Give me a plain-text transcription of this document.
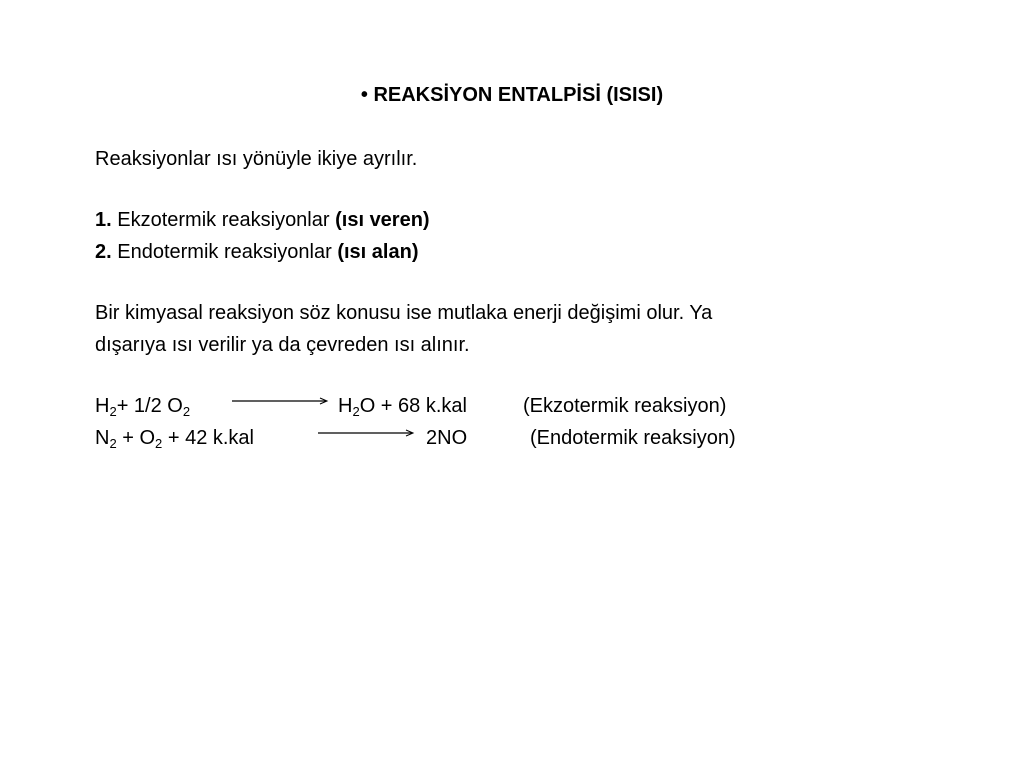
• REAKSİYON ENTALPİSİ (ISISI)
Reaksiyonlar ısı yönüyle ikiye ayrılır.
1. Ekzotermik reaksiyonlar (ısı veren)
2. Endotermik reaksiyonlar (ısı alan)
Bir kimyasal reaksiyon söz konusu ise mutlaka enerji değişimi olur. Ya
dışarıya ısı verilir ya da çevreden ısı alınır.
$H_2+ 1/2$ $O_2$	$H_2O + 68$ k.kal	(Ekzotermik reaksiyon)
$N_2 + O_2 + 42$ k.kal	2NO	(Endotermik reaksiyon)
